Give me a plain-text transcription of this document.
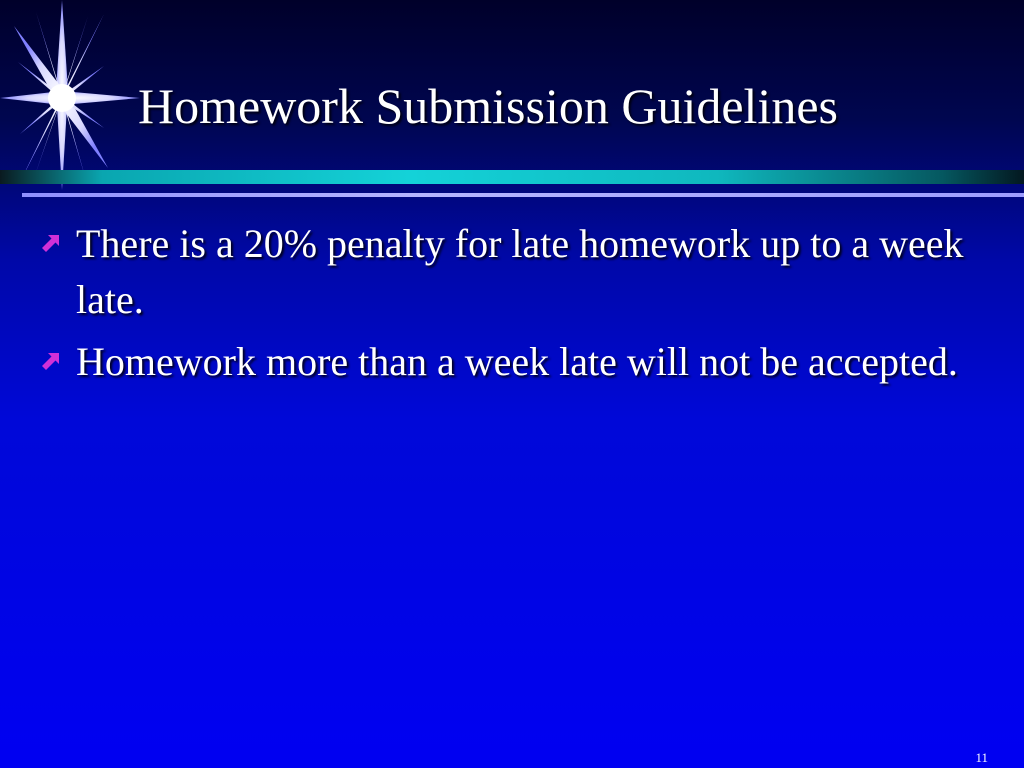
Homework Submission Guidelines
There is a 20% penalty for late homework up to a week late.
Homework more than a week late will not be accepted.
11
